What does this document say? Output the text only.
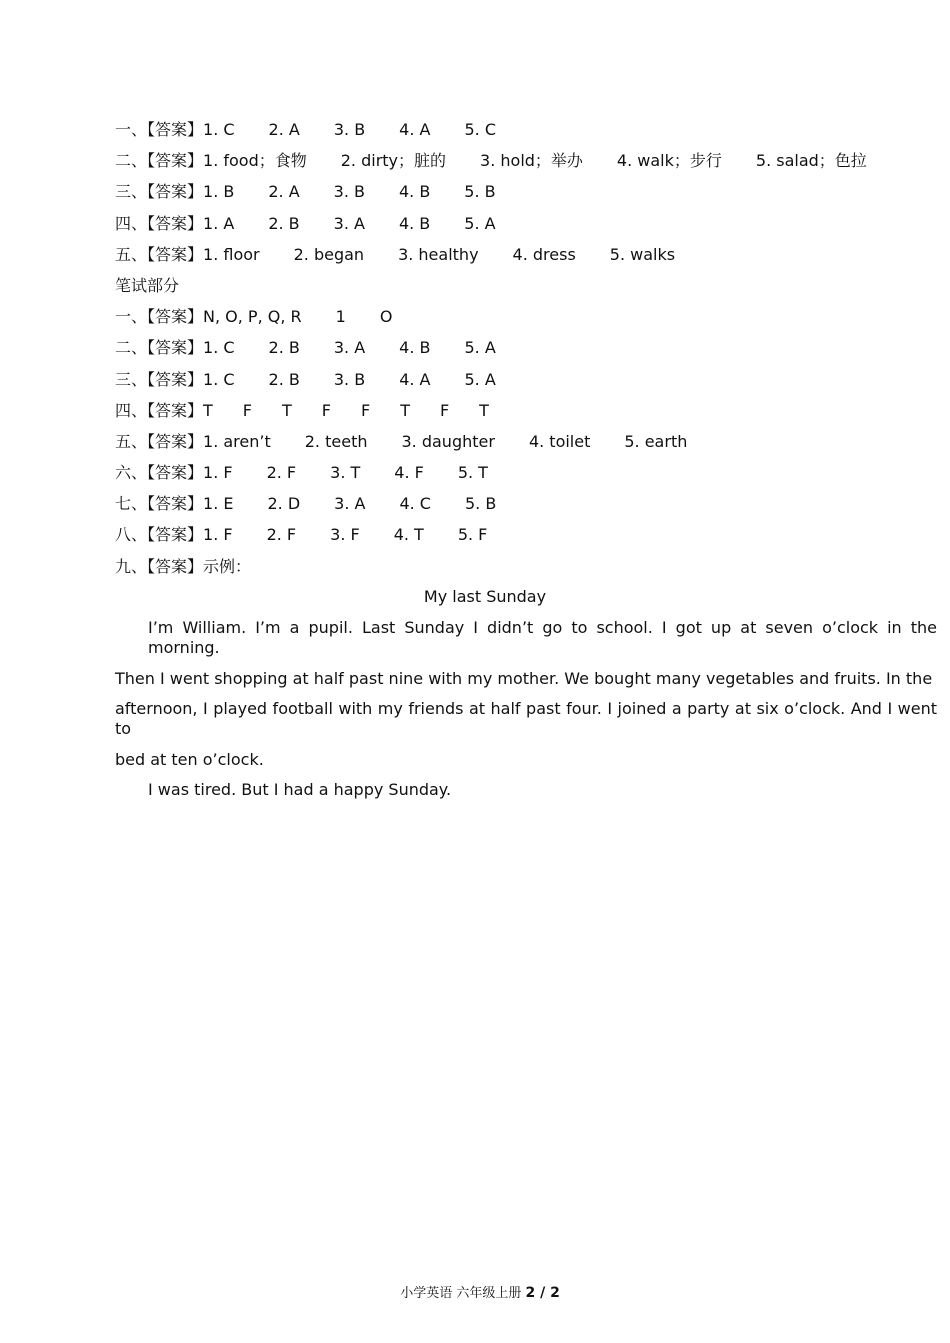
一、【答案】 1. C 2. A 3. B 4. A 5. C
二、【答案】 1. food；食物 2. dirty；脏的 3. hold；举办 4. walk；步行 5. salad；色拉
三、【答案】 1. B 2. A 3. B 4. B 5. B
四、【答案】 1. A 2. B 3. A 4. B 5. A
五、【答案】 1. floor 2. began 3. healthy 4. dress 5. walks
笔试部分
一、【答案】 N, O, P, Q, R 1 O
二、【答案】 1. C 2. B 3. A 4. B 5. A
三、【答案】 1. C 2. B 3. B 4. A 5. A
四、【答案】 T F T F F T F T
五、【答案】 1. aren’t 2. teeth 3. daughter 4. toilet 5. earth
六、【答案】 1. F 2. F 3. T 4. F 5. T
七、【答案】 1. E 2. D 3. A 4. C 5. B
八、【答案】 1. F 2. F 3. F 4. T 5. F
九、【答案】 示例：
My last Sunday

I’m William. I’m a pupil. Last Sunday I didn’t go to school. I got up at seven o’clock in the morning.

Then I went shopping at half past nine with my mother. We bought many vegetables and fruits. In the

afternoon, I played football with my friends at half past four. I joined a party at six o’clock. And I went to

bed at ten o’clock.

I was tired. But I had a happy Sunday.

小学英语 六年级上册 2 / 2
